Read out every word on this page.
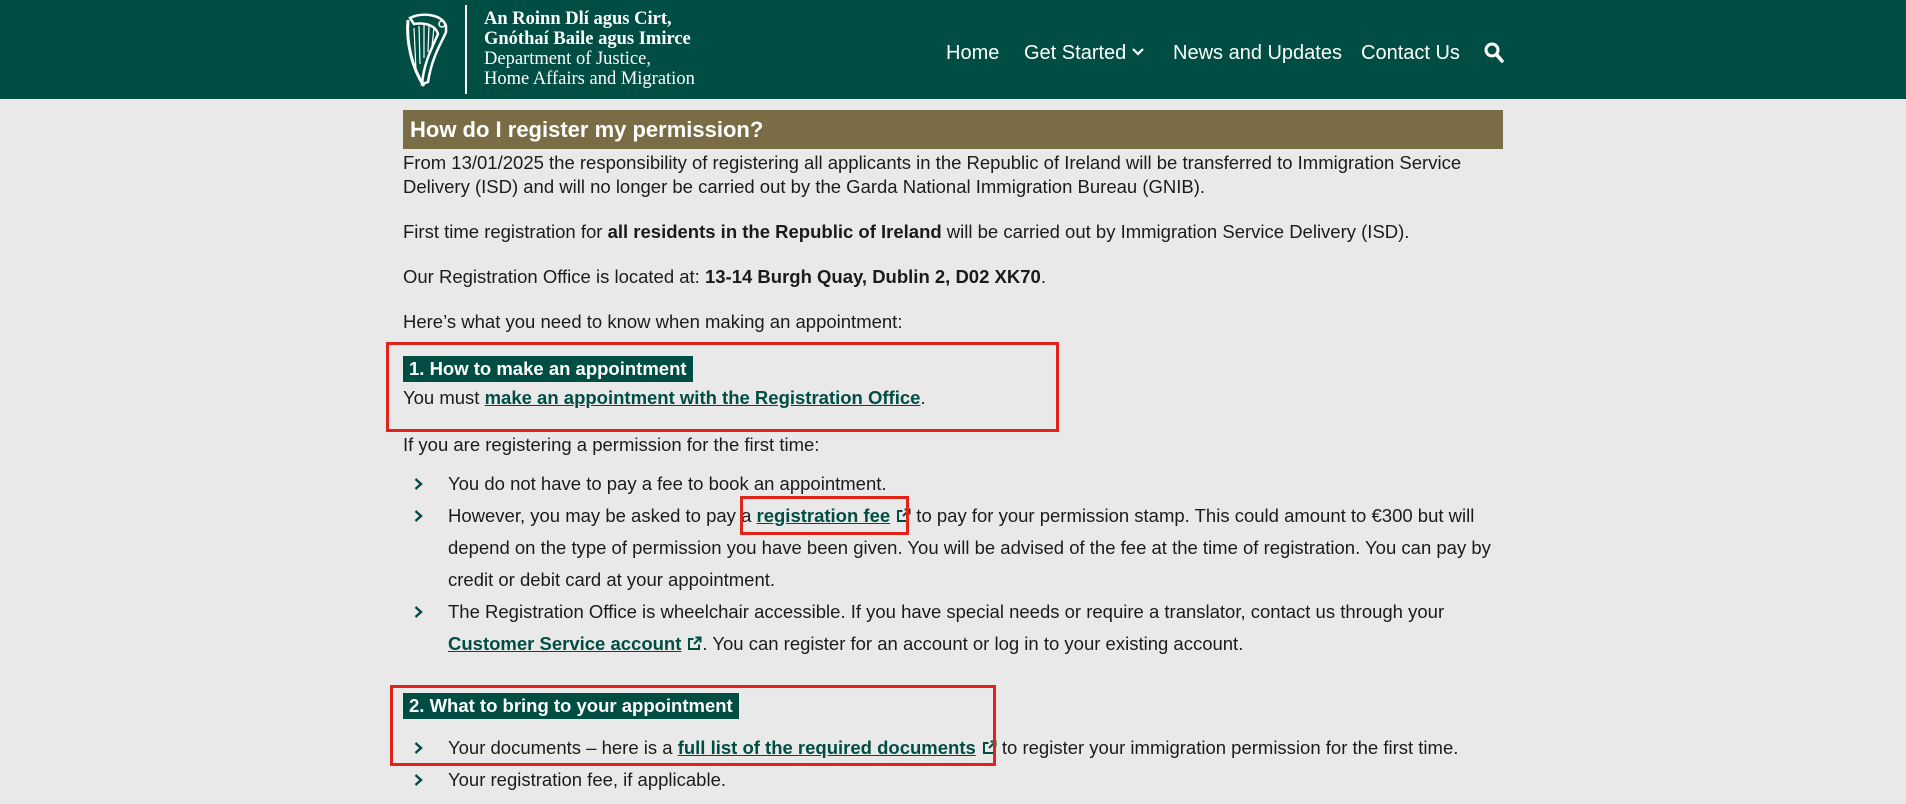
An Roinn Dlí agus Cirt,
Gnóthaí Baile agus Imirce
Department of Justice,
Home Affairs and Migration
Home Get Started	News and Updates Contact Us
How do I register my permission?

From 13/01/2025 the responsibility of registering all applicants in the Republic of Ireland will be transferred to Immigration Service Delivery (ISD) and will no longer be carried out by the Garda National Immigration Bureau (GNIB).

First time registration for all residents in the Republic of Ireland will be carried out by Immigration Service Delivery (ISD).

Our Registration Office is located at: 13-14 Burgh Quay, Dublin 2, D02 XK70.

Here’s what you need to know when making an appointment:

1. How to make an appointment

You must make an appointment with the Registration Office.

If you are registering a permission for the first time:

You do not have to pay a fee to book an appointment.
However, you may be asked to pay a registration fee to pay for your permission stamp. This could amount to €300 but will depend on the type of permission you have been given. You will be advised of the fee at the time of registration. You can pay by credit or debit card at your appointment.
The Registration Office is wheelchair accessible. If you have special needs or require a translator, contact us through your Customer Service account . You can register for an account or log in to your existing account.
2. What to bring to your appointment
Your documents – here is a full list of the required documents to register your immigration permission for the first time.
Your registration fee, if applicable.
